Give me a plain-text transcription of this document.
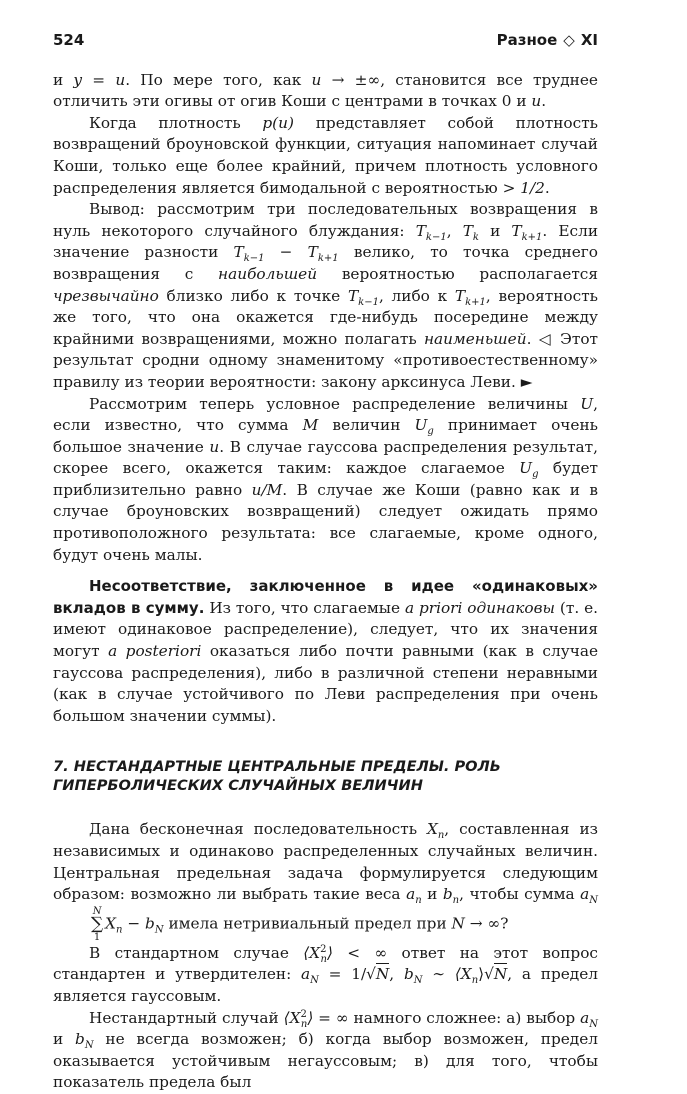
524	Разное ◇ XI

и y = u. По мере того, как u → ±∞, становится все труднее отличить эти огивы от огив Коши с центрами в точках 0 и u.

Когда плотность p(u) представляет собой плотность возвращений броуновской функции, ситуация напоминает случай Коши, только еще более крайний, причем плотность условного распределения является бимодальной с вероятностью > 1/2.

Вывод: рассмотрим три последовательных возвращения в нуль некоторого случайного блуждания: $T_{k-1}$, $T_k$ и $T_{k+1}$. Если значение разности $T_{k-1} - T_{k+1}$ велико, то точка среднего возвращения с наибольшей вероятностью располагается чрезвычайно близко либо к точке $T_{k-1}$, либо к $T_{k+1}$, вероятность же того, что она окажется где-нибудь посередине между крайними возвращениями, можно полагать наименьшей. ◁ Этот результат сродни одному знаменитому «противоестественному» правилу из теории вероятности: закону арксинуса Леви. ►

Рассмотрим теперь условное распределение величины U, если известно, что сумма M величин $U_g$ принимает очень большое значение u. В случае гауссова распределения результат, скорее всего, окажется таким: каждое слагаемое $U_g$ будет приблизительно равно u/M. В случае же Коши (равно как и в случае броуновских возвращений) следует ожидать прямо противоположного результата: все слагаемые, кроме одного, будут очень малы.

Несоответствие, заключенное в идее «одинаковых» вкладов в сумму. Из того, что слагаемые a priori одинаковы (т. е. имеют одинаковое распределение), следует, что их значения могут a posteriori оказаться либо почти равными (как в случае гауссова распределения), либо в различной степени неравными (как в случае устойчивого по Леви распределения при очень большом значении суммы).

7. НЕСТАНДАРТНЫЕ ЦЕНТРАЛЬНЫЕ ПРЕДЕЛЫ. РОЛЬ ГИПЕРБОЛИЧЕСКИХ СЛУЧАЙНЫХ ВЕЛИЧИН

Дана бесконечная последовательность $X_n$, составленная из независимых и одинаково распределенных случайных величин. Центральная предельная задача формулируется следующим образом: возможно ли выбрать такие веса $a_n$ и $b_n$, чтобы сумма $a_N$
N
∑
1
$X_n - b_N$ имела нетривиальный предел при N → ∞?

В стандартном случае $⟨X^2_n⟩$ < ∞ ответ на этот вопрос стандартен и утвердителен: $a_N = 1/√N$, $b_N$ ∼ $⟨X_n⟩√N$, а предел является гауссовым.

Нестандартный случай $⟨X^2_n⟩$ = ∞ намного сложнее: а) выбор $a_N$ и $b_N$ не всегда возможен; б) когда выбор возможен, предел оказывается устойчивым негауссовым; в) для того, чтобы показатель предела был
